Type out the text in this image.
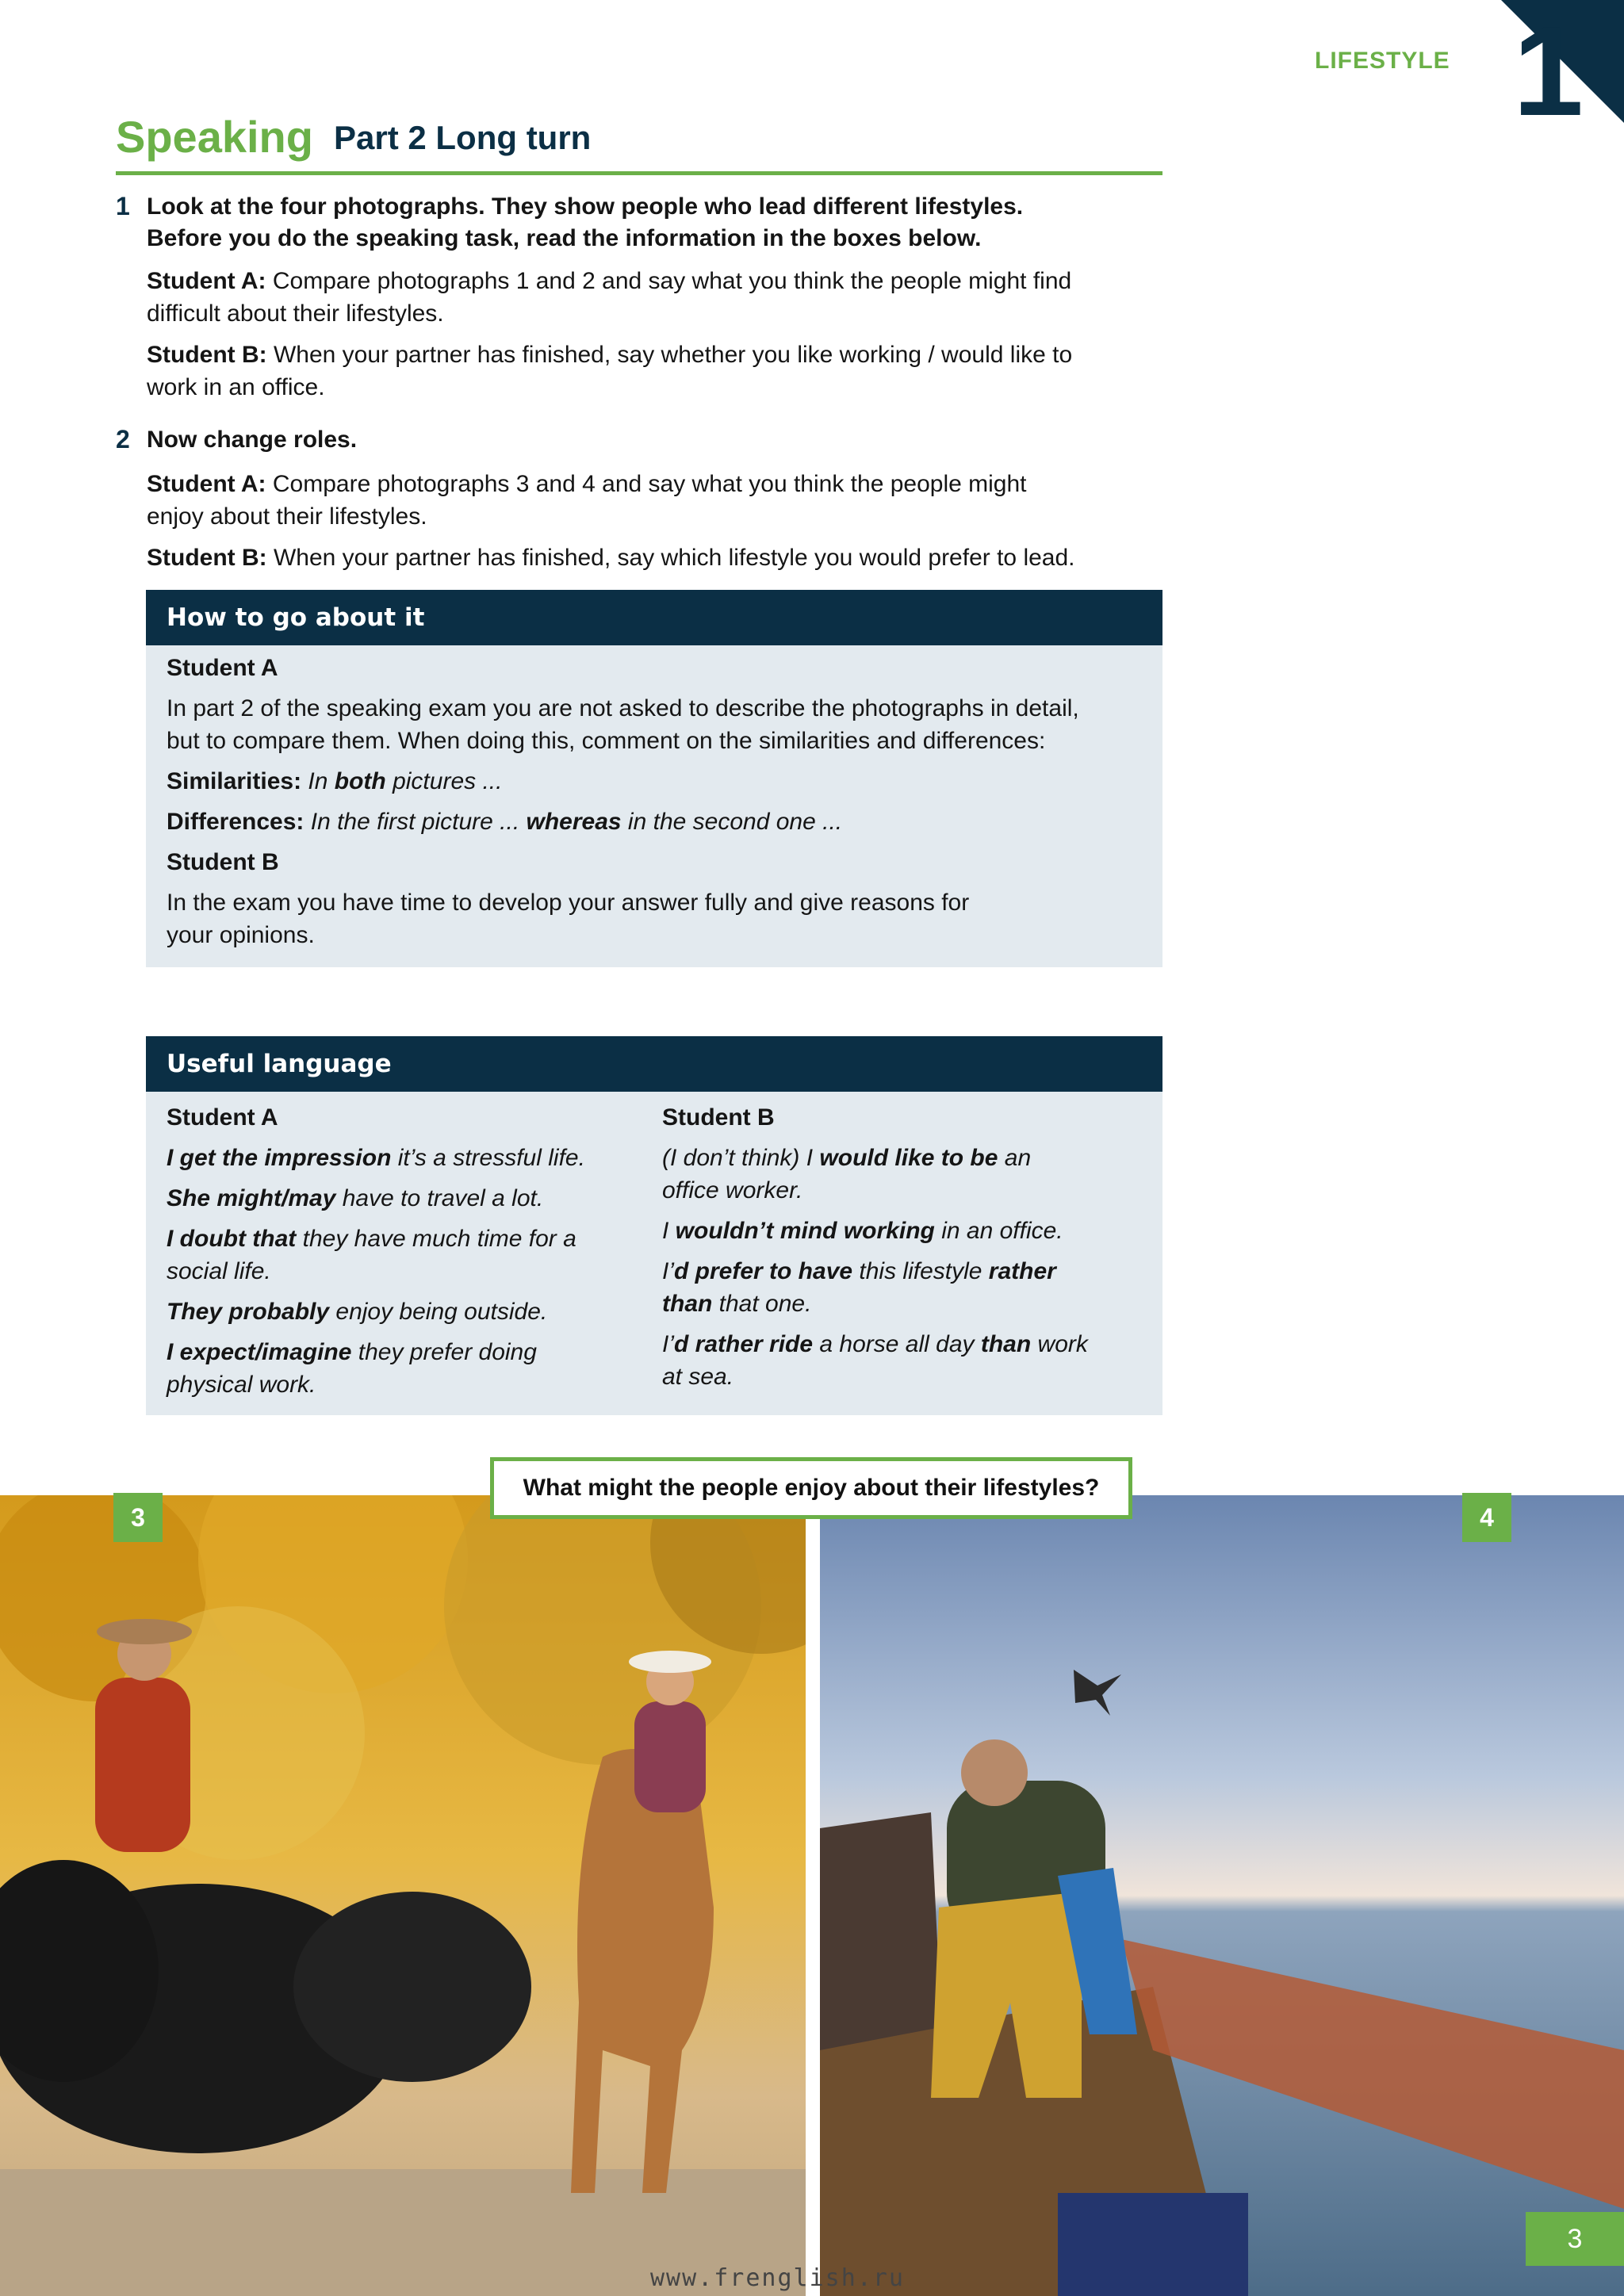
1
LIFESTYLE
Speaking Part 2 Long turn
1 Look at the four photographs. They show people who lead different lifestyles.
Before you do the speaking task, read the information in the boxes below.
Student A: Compare photographs 1 and 2 and say what you think the people might find
difficult about their lifestyles.
Student B: When your partner has finished, say whether you like working / would like to
work in an office.
2 Now change roles.
Student A: Compare photographs 3 and 4 and say what you think the people might
enjoy about their lifestyles.
Student B: When your partner has finished, say which lifestyle you would prefer to lead.
How to go about it

Student A

In part 2 of the speaking exam you are not asked to describe the photographs in detail,

but to compare them. When doing this, comment on the similarities and differences:

Similarities: In both pictures ...

Differences: In the first picture ... whereas in the second one ...

Student B

In the exam you have time to develop your answer fully and give reasons for

your opinions.

Useful language

Student A

I get the impression it’s a stressful life.

She might/may have to travel a lot.

I doubt that they have much time for a

social life.

They probably enjoy being outside.

I expect/imagine they prefer doing

physical work.

Student B

(I don’t think) I would like to be an

office worker.

I wouldn’t mind working in an office.

I’d prefer to have this lifestyle rather

than that one.

I’d rather ride a horse all day than work

at sea.

3	4
What might the people enjoy about their lifestyles?
3
www.frenglish.ru
